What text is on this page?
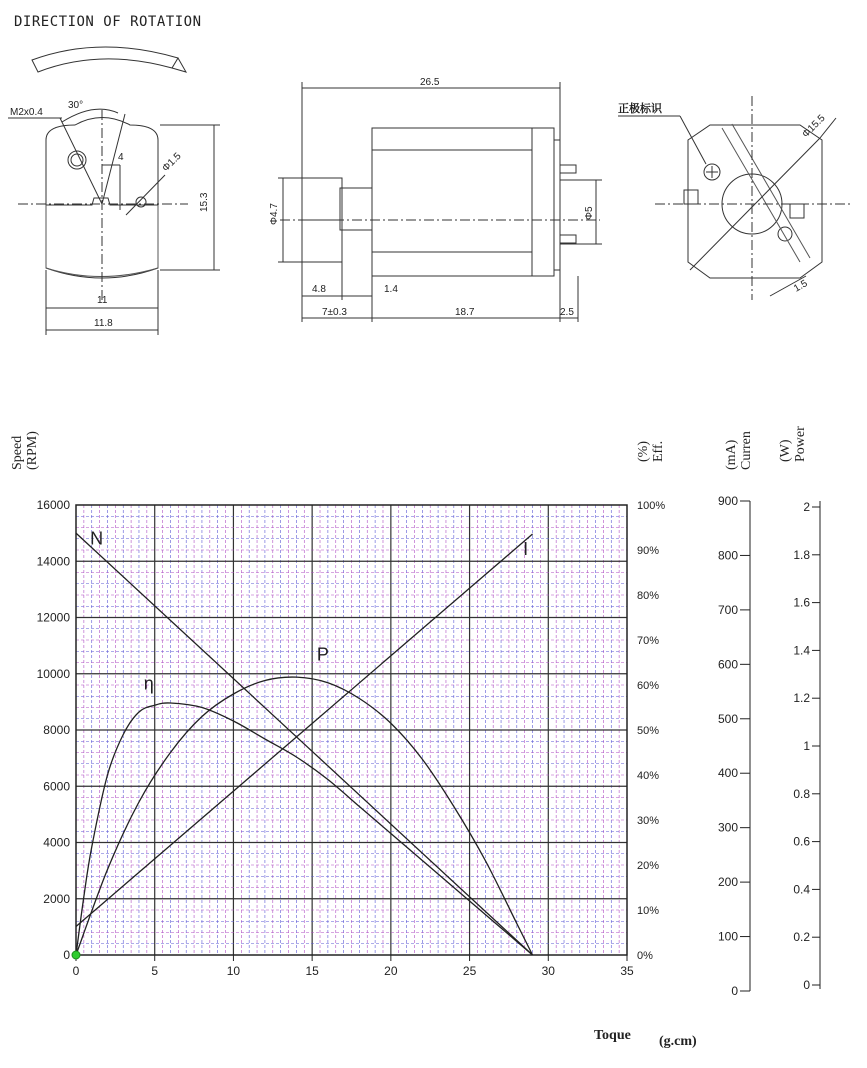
DIRECTION OF ROTATION
M2x0.4
30°
4	Φ1.5
15.3
11
11.8
26.5
Φ4.7	Φ5
4.8	1.4
7±0.3	18.7	2.5
正极标识
Φ15.5
1.5
Speed (RPM)	(%) Eff.	(mA) Curren (W) Power
Toque (g.cm)
0	5	10	15	20	25	30	35
0
2000
4000
6000
8000
10000
12000
14000
16000
0%
10%
20%
30%
40%
50%
60%
70%
80%
90%
100%
0
100
200
300
400
500
600
700
800
900
0
0.2
0.4
0.6
0.8
1
1.2
1.4
1.6
1.8
2
N
I
η
P
